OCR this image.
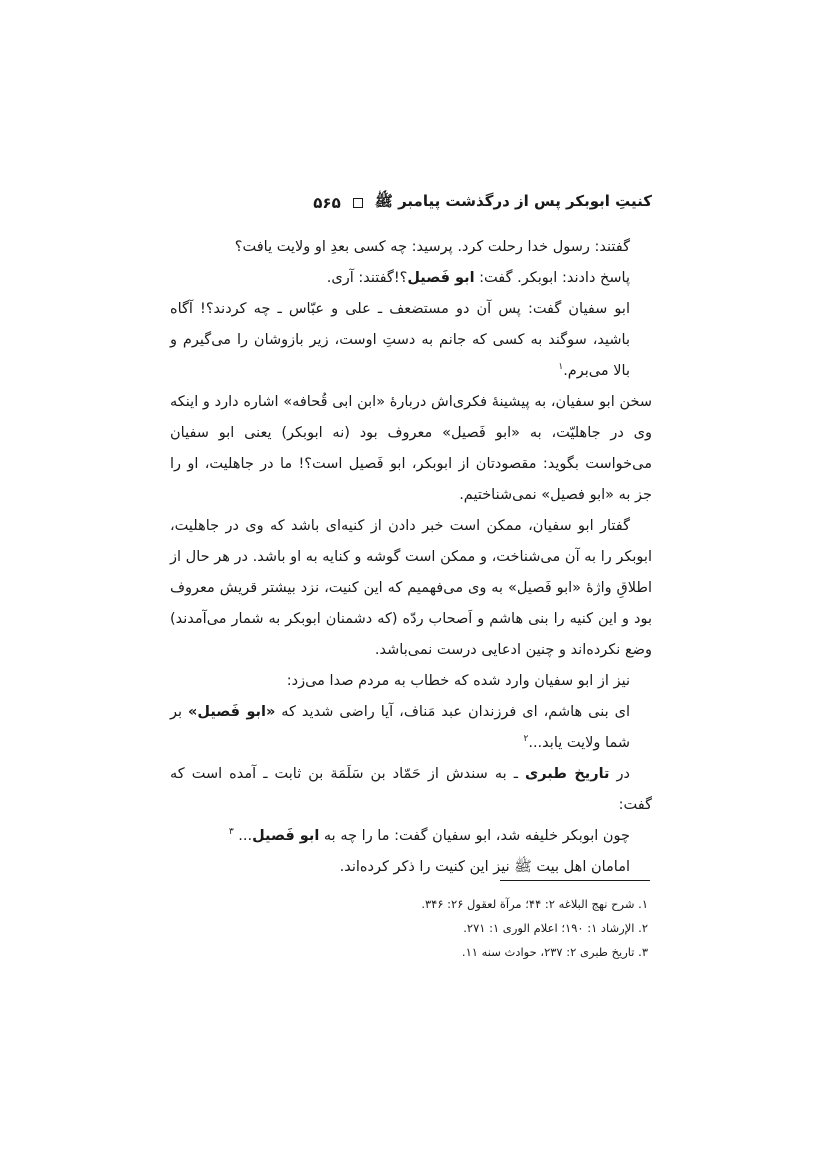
کنیتِ ابوبکر پس از درگذشت پیامبر ﷺ
۵۶۵

گفتند: رسول خدا رحلت کرد. پرسید: چه کسی بعدِ او ولایت یافت؟

پاسخ دادند: ابوبکر. گفت: ابو فَصیل؟!گفتند: آری.

ابو سفیان گفت: پس آن دو مستضعف ـ علی و عبّاس ـ چه کردند؟! آگاه باشید، سوگند به کسی که جانم به دستِ اوست، زیر بازوشان را می‌گیرم و بالا می‌برم.$^۱$

سخن ابو سفیان، به پیشینهٔ فکری‌اش دربارهٔ «ابن ابی قُحافه» اشاره دارد و اینکه وی در جاهلیّت، به «ابو فَصیل» معروف بود (نه ابوبکر) یعنی ابو سفیان می‌خواست بگوید: مقصودتان از ابوبکر، ابو فَصیل است؟! ما در جاهلیت، او را جز به «ابو فصیل» نمی‌شناختیم.

گفتار ابو سفیان، ممکن است خبر دادن از کنیه‌ای باشد که وی در جاهلیت، ابوبکر را به آن می‌شناخت، و ممکن است گوشه و کنایه به او باشد. در هر حال از اطلاقِ واژهٔ «ابو فَصیل» به وی می‌فهمیم که این کنیت، نزد بیشتر قریش معروف بود و این کنیه را بنی هاشم و اَصحاب ردّه (که دشمنان ابوبکر به شمار می‌آمدند) وضع نکرده‌اند و چنین ادعایی درست نمی‌باشد.

نیز از ابو سفیان وارد شده که خطاب به مردم صدا می‌زد:

ای بنی هاشم، ای فرزندان عبد مَناف، آیا راضی شدید که «ابو فَصیل» بر شما ولایت یابد...$^۲$

در تاریخ طبری ـ به سندش از حَمّاد بن سَلَمَة بن ثابت ـ آمده است که گفت:

چون ابوبکر خلیفه شد، ابو سفیان گفت: ما را چه به ابو فَصیل... $^۳$

امامان اهل بیت ﷺ نیز این کنیت را ذکر کرده‌اند.

۱. شرح نهج البلاغه ۲: ۴۴؛ مرآة لعقول ۲۶: ۳۴۶.

۲. الإرشاد ۱: ۱۹۰؛ اعلام الوری ۱: ۲۷۱.

۳. تاریخ طبری ۲: ۲۳۷، حوادث سنه ۱۱.
